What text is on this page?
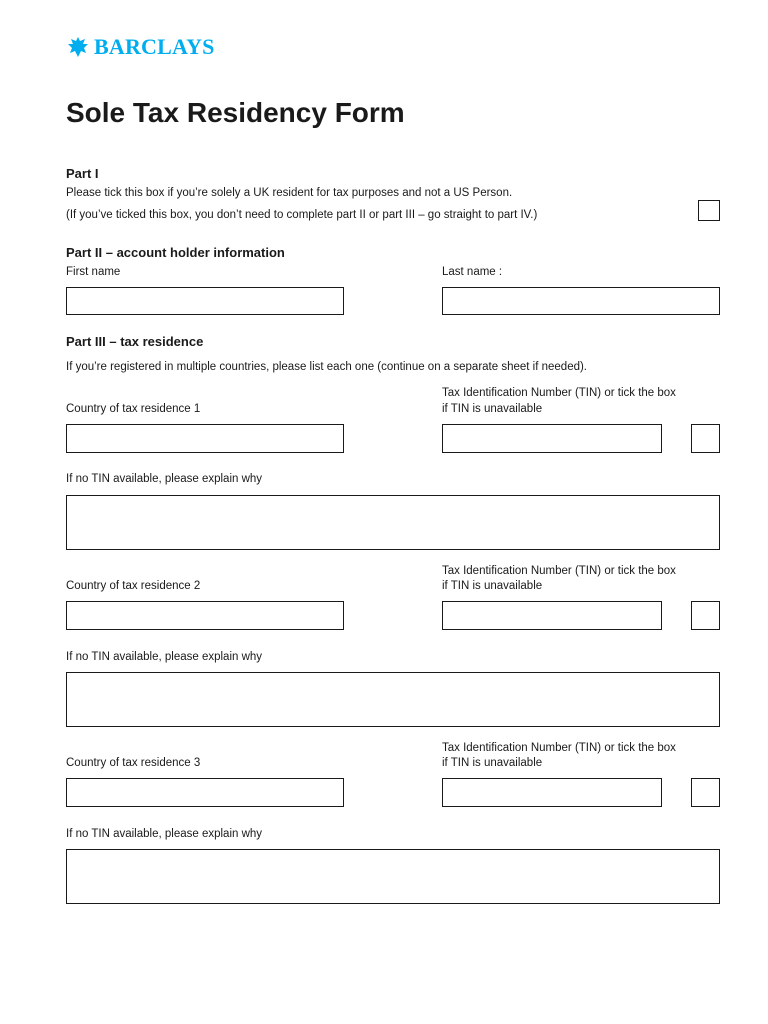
BARCLAYS
Sole Tax Residency Form
Part I
Please tick this box if you’re solely a UK resident for tax purposes and not a US Person.
(If you’ve ticked this box, you don’t need to complete part II or part III – go straight to part IV.)
Part II – account holder information
First name	Last name :
Part III – tax residence
If you’re registered in multiple countries, please list each one (continue on a separate sheet if needed).
Tax Identification Number (TIN) or tick the box
if TIN is unavailable
Country of tax residence 1
If no TIN available, please explain why
Tax Identification Number (TIN) or tick the box
if TIN is unavailable
Country of tax residence 2
If no TIN available, please explain why
Tax Identification Number (TIN) or tick the box
if TIN is unavailable
Country of tax residence 3
If no TIN available, please explain why
